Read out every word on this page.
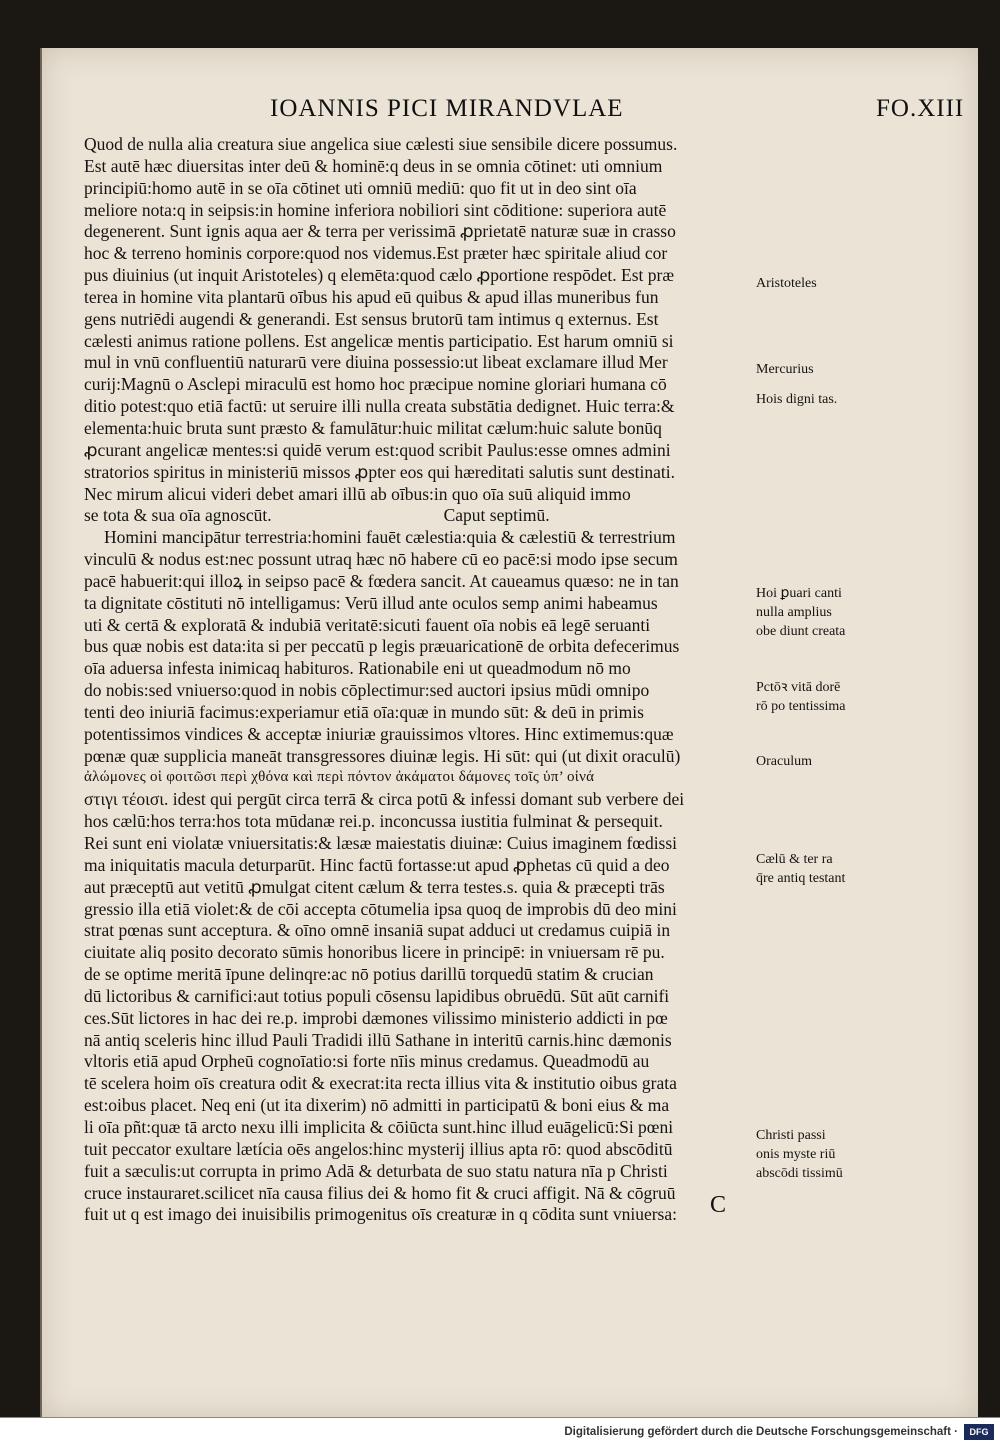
IOANNIS PICI MIRANDVLAE	FO.XIII
Quod de nulla alia creatura siue angelica siue cælesti siue sensibile dicere possumus.
Est autē hæc diuersitas inter deū & hominē:q deus in se omnia cōtinet: uti omnium
principiū:homo autē in se oīa cōtinet uti omniū mediū: quo fit ut in deo sint oīa
meliore nota:q in seipsis:in homine inferiora nobiliori sint cōditione: superiora autē
degenerent. Sunt ignis aqua aer & terra per verissimā ꝓprietatē naturæ suæ in crasso
hoc & terreno hominis corpore:quod nos videmus.Est præter hæc spiritale aliud cor
pus diuinius (ut inquit Aristoteles) q elemēta:quod cælo ꝓportione respōdet. Est præ
terea in homine vita plantarū oībus his apud eū quibus & apud illas muneribus fun
gens nutriēdi augendi & generandi. Est sensus brutorū tam intimus q externus. Est
cælesti animus ratione pollens. Est angelicæ mentis participatio. Est harum omniū si
mul in vnū confluentiū naturarū vere diuina possessio:ut libeat exclamare illud Mer
curij:Magnū o Asclepi miraculū est homo hoc præcipue nomine gloriari humana cō
ditio potest:quo etiā factū: ut seruire illi nulla creata substātia dedignet. Huic terra:&
elementa:huic bruta sunt præsto & famulātur:huic militat cælum:huic salute bonūq
ꝓcurant angelicæ mentes:si quidē verum est:quod scribit Paulus:esse omnes admini
stratorios spiritus in ministeriū missos ꝓpter eos qui hæreditati salutis sunt destinati.
Nec mirum alicui videri debet amari illū ab oībus:in quo oīa suū aliquid immo
se tota & sua oīa agnoscūt.	Caput septimū.
Homini mancipātur terrestria:homini fauēt cælestia:quia & cælestiū & terrestrium
vinculū & nodus est:nec possunt utraq hæc nō habere cū eo pacē:si modo ipse secum
pacē habuerit:qui illoꝝ in seipso pacē & fœdera sancit. At caueamus quæso: ne in tan
ta dignitate cōstituti nō intelligamus: Verū illud ante oculos semp animi habeamus
uti & certā & exploratā & indubiā veritatē:sicuti fauent oīa nobis eā legē seruanti
bus quæ nobis est data:ita si per peccatū p legis præuaricationē de orbita defecerimus
oīa aduersa infesta inimicaq habituros. Rationabile eni ut queadmodum nō mo
do nobis:sed vniuerso:quod in nobis cōplectimur:sed auctori ipsius mūdi omnipo
tenti deo iniuriā facimus:experiamur etiā oīa:quæ in mundo sūt: & deū in primis
potentissimos vindices & acceptæ iniuriæ grauissimos vltores. Hinc extimemus:quæ
pœnæ quæ supplicia maneāt transgressores diuinæ legis. Hi sūt: qui (ut dixit oraculū)
ἀλώμονες οἱ φοιτῶσι περὶ χθόνα καὶ περὶ πόντον ἀκάματοι δάμονες τοῖς ὑπ’ οἰνά
στιγι τέοισι. idest qui pergūt circa terrā & circa potū & infessi domant sub verbere dei
hos cælū:hos terra:hos tota mūdanæ rei.p. inconcussa iustitia fulminat & persequit.
Rei sunt eni violatæ vniuersitatis:& læsæ maiestatis diuinæ: Cuius imaginem fœdissi
ma iniquitatis macula deturparūt. Hinc factū fortasse:ut apud ꝓphetas cū quid a deo
aut præceptū aut vetitū ꝓmulgat citent cælum & terra testes.s. quia & præcepti trās
gressio illa etiā violet:& de cōi accepta cōtumelia ipsa quoq de improbis dū deo mini
strat pœnas sunt acceptura. & oīno omnē insaniā supat adduci ut credamus cuipiā in
ciuitate aliq posito decorato sūmis honoribus licere in principē: in vniuersam rē pu.
de se optime meritā īpune delinqre:ac nō potius darillū torquedū statim & crucian
dū lictoribus & carnifici:aut totius populi cōsensu lapidibus obruēdū. Sūt aūt carnifi
ces.Sūt lictores in hac dei re.p. improbi dæmones vilissimo ministerio addicti in pœ
nā antiq sceleris hinc illud Pauli Tradidi illū Sathane in interitū carnis.hinc dæmonis
vltoris etiā apud Orpheū cognoīatio:si forte nīis minus credamus. Queadmodū au
tē scelera hoim oīs creatura odit & execrat:ita recta illius vita & institutio oibus grata
est:oibus placet. Neq eni (ut ita dixerim) nō admitti in participatū & boni eius & ma
li oīa pñt:quæ tā arcto nexu illi implicita & cōiūcta sunt.hinc illud euāgelicū:Si pœni
tuit peccator exultare lætícia oēs angelos:hinc mysterij illius apta rō: quod abscōditū
fuit a sæculis:ut corrupta in primo Adā & deturbata de suo statu natura nīa p Christi
cruce instauraret.scilicet nīa causa filius dei & homo fit & cruci affigit. Nā & cōgruū
fuit ut q est imago dei inuisibilis primogenitus oīs creaturæ in q cōdita sunt vniuersa:
Aristoteles
Mercurius
Hois digni tas.
Hoi ꝑuari canti nulla amplius obe diunt creata
Pctōꝛ vitā dorē rō po tentissima
Oraculum
Cælū & ter ra q̄re antiq testant
Christi passi onis myste riū abscōdi tissimū
C
Digitalisierung gefördert durch die Deutsche Forschungsgemeinschaft ·	DFG
